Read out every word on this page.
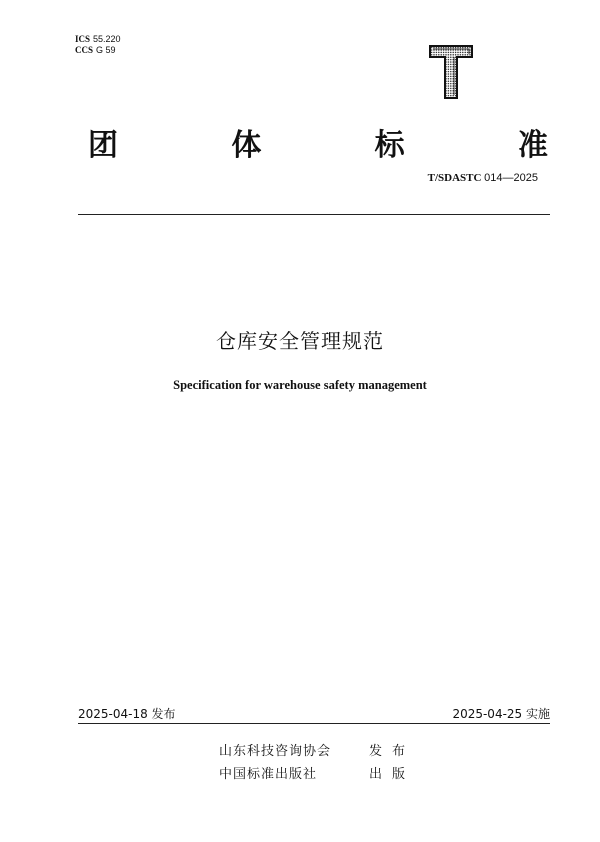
ICS 55.220
CCS G 59
团	体	标	准
T/SDASTC 014—2025
仓库安全管理规范
Specification for warehouse safety management
2025-04-18 发布	2025-04-25 实施
山东科技咨询协会	发布
中国标准出版社	出版
